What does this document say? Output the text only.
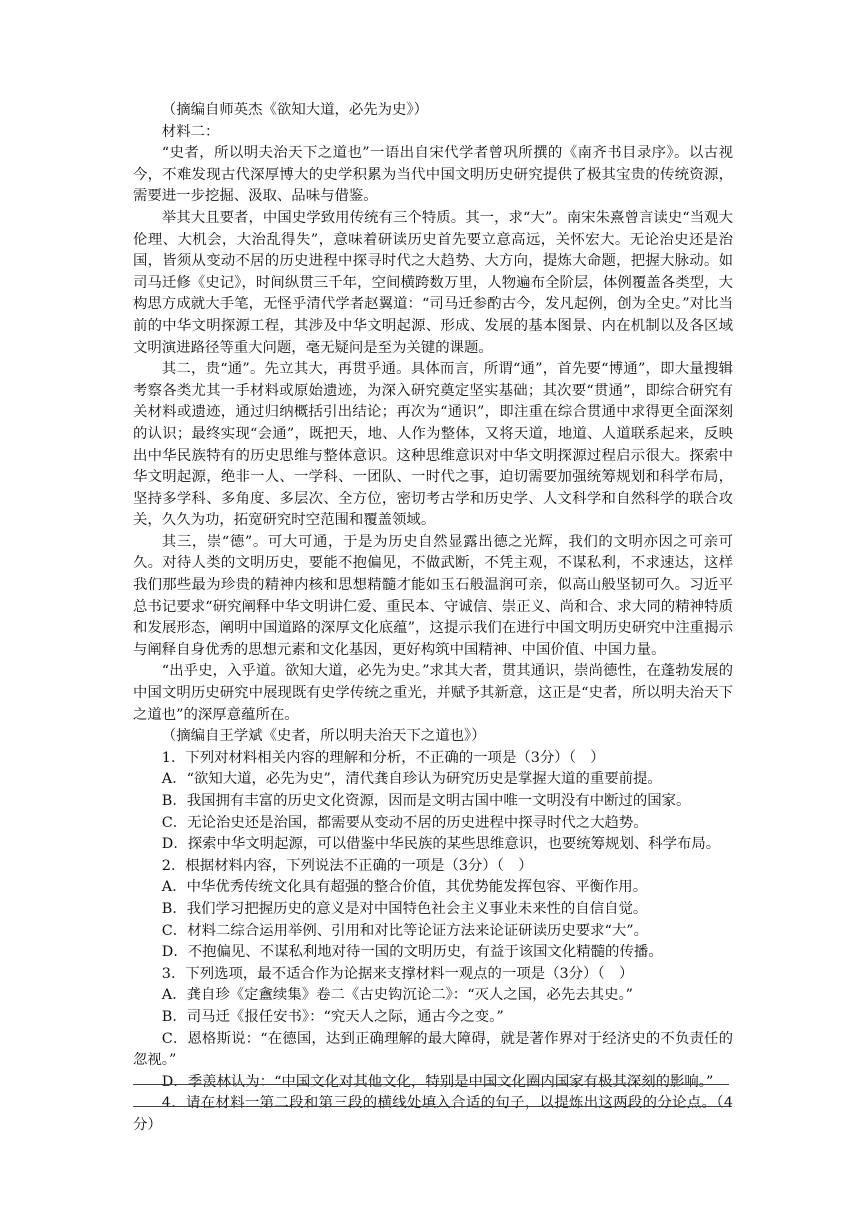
（摘编自师英杰《欲知大道，必先为史》）

材料二：

“史者，所以明夫治天下之道也”一语出自宋代学者曾巩所撰的《南齐书目录序》。以古视今，不难发现古代深厚博大的史学积累为当代中国文明历史研究提供了极其宝贵的传统资源，需要进一步挖掘、汲取、品味与借鉴。

举其大且要者，中国史学致用传统有三个特质。其一，求“大”。南宋朱熹曾言读史“当观大伦理、大机会，大治乱得失”，意味着研读历史首先要立意高远，关怀宏大。无论治史还是治国，皆须从变动不居的历史进程中探寻时代之大趋势、大方向，提炼大命题，把握大脉动。如司马迁修《史记》，时间纵贯三千年，空间横跨数万里，人物遍布全阶层，体例覆盖各类型，大构思方成就大手笔，无怪乎清代学者赵翼道：“司马迁参酌古今，发凡起例，创为全史。”对比当前的中华文明探源工程，其涉及中华文明起源、形成、发展的基本图景、内在机制以及各区域文明演进路径等重大问题，毫无疑问是至为关键的课题。

其二，贵“通”。先立其大，再贯乎通。具体而言，所谓“通”，首先要“博通”，即大量搜辑考察各类尤其一手材料或原始遗迹，为深入研究奠定坚实基础；其次要“贯通”，即综合研究有关材料或遗迹，通过归纳概括引出结论；再次为“通识”，即注重在综合贯通中求得更全面深刻的认识；最终实现“会通”，既把天，地、人作为整体，又将天道，地道、人道联系起来，反映出中华民族特有的历史思维与整体意识。这种思维意识对中华文明探源过程启示很大。探索中华文明起源，绝非一人、一学科、一团队、一时代之事，迫切需要加强统筹规划和科学布局，坚持多学科、多角度、多层次、全方位，密切考古学和历史学、人文科学和自然科学的联合攻关，久久为功，拓宽研究时空范围和覆盖领域。

其三，崇“德”。可大可通，于是为历史自然显露出德之光辉，我们的文明亦因之可亲可久。对待人类的文明历史，要能不抱偏见，不做武断，不凭主观，不谋私利，不求速达，这样我们那些最为珍贵的精神内核和思想精髓才能如玉石般温润可亲，似高山般坚韧可久。习近平总书记要求“研究阐释中华文明讲仁爱、重民本、守诚信、崇正义、尚和合、求大同的精神特质和发展形态，阐明中国道路的深厚文化底蕴”，这提示我们在进行中国文明历史研究中注重揭示与阐释自身优秀的思想元素和文化基因，更好构筑中国精神、中国价值、中国力量。

“出乎史，入乎道。欲知大道，必先为史。”求其大者，贯其通识，崇尚德性，在蓬勃发展的中国文明历史研究中展现既有史学传统之重光，并赋予其新意，这正是“史者，所以明夫治天下之道也”的深厚意蕴所在。

（摘编自王学斌《史者，所以明夫治天下之道也》）

1．下列对材料相关内容的理解和分析，不正确的一项是（3分）（　）

A．“欲知大道，必先为史”，清代龚自珍认为研究历史是掌握大道的重要前提。

B．我国拥有丰富的历史文化资源，因而是文明古国中唯一文明没有中断过的国家。

C．无论治史还是治国，都需要从变动不居的历史进程中探寻时代之大趋势。

D．探索中华文明起源，可以借鉴中华民族的某些思维意识，也要统筹规划、科学布局。

2．根据材料内容，下列说法不正确的一项是（3分）（　）

A．中华优秀传统文化具有超强的整合价值，其优势能发挥包容、平衡作用。

B．我们学习把握历史的意义是对中国特色社会主义事业未来性的自信自觉。

C．材料二综合运用举例、引用和对比等论证方法来论证研读历史要求“大”。

D．不抱偏见、不谋私利地对待一国的文明历史，有益于该国文化精髓的传播。

3．下列选项，最不适合作为论据来支撑材料一观点的一项是（3分）（　）

A．龚自珍《定盦续集》卷二《古史钩沉论二》：“灭人之国，必先去其史。”

B．司马迁《报任安书》：“究天人之际，通古今之变。”

C．恩格斯说：“在德国，达到正确理解的最大障碍，就是著作界对于经济史的不负责任的忽视。”

D．季羡林认为：“中国文化对其他文化，特别是中国文化圈内国家有极其深刻的影响。”

4．请在材料一第二段和第三段的横线处填入合适的句子，以提炼出这两段的分论点。（4分）
